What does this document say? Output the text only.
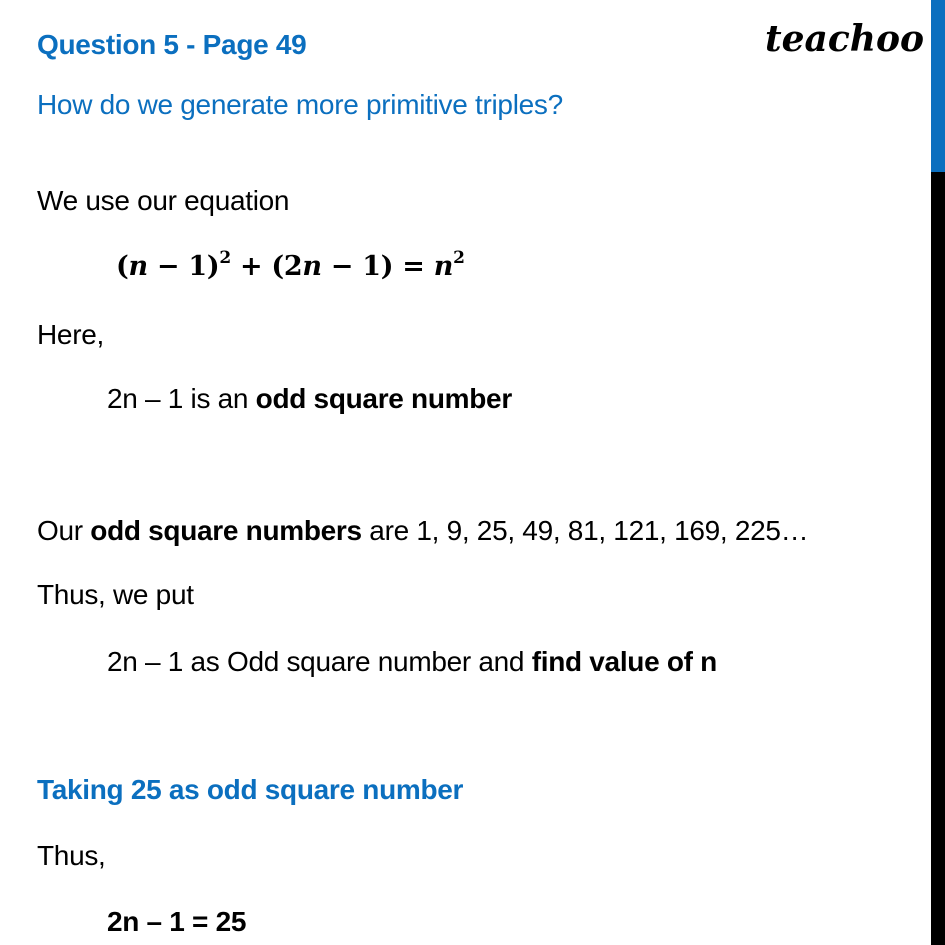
Question 5 - Page 49	teachoo
How do we generate more primitive triples?
We use our equation
$(n - 1)^2 + (2n - 1) = n^2$
Here,
2n – 1 is an odd square number
Our odd square numbers are 1, 9, 25, 49, 81, 121, 169, 225…
Thus, we put
2n – 1 as Odd square number and find value of n
Taking 25 as odd square number
Thus,
2n – 1 = 25
